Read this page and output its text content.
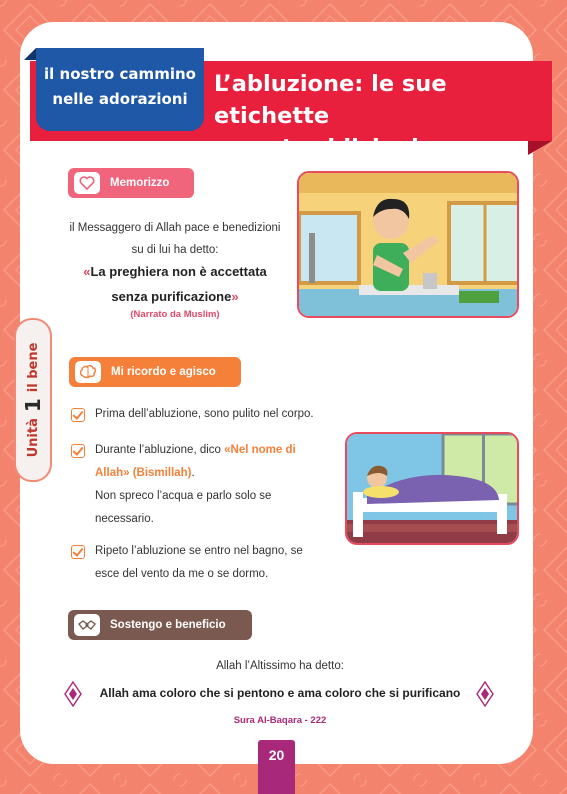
L’abluzione: le sue etichette
e contraddizioni
il nostro cammino
nelle adorazioni
Unità
1
il bene
Memorizzo
il Messaggero di Allah pace e benedizioni
su di lui ha detto:
«La preghiera non è accettata
senza purificazione»
(Narrato da Muslim)
Mi ricordo e agisco
Prima dell’abluzione, sono pulito nel corpo.
Durante l’abluzione, dico «Nel nome di
Allah» (Bismillah).
Non spreco l’acqua e parlo solo se
necessario.
Ripeto l’abluzione se entro nel bagno, se
esce del vento da me o se dormo.
Sostengo e beneficio
Allah l’Altissimo ha detto:
Allah ama coloro che si pentono e ama coloro che si purificano
Sura Al-Baqara - 222
20
